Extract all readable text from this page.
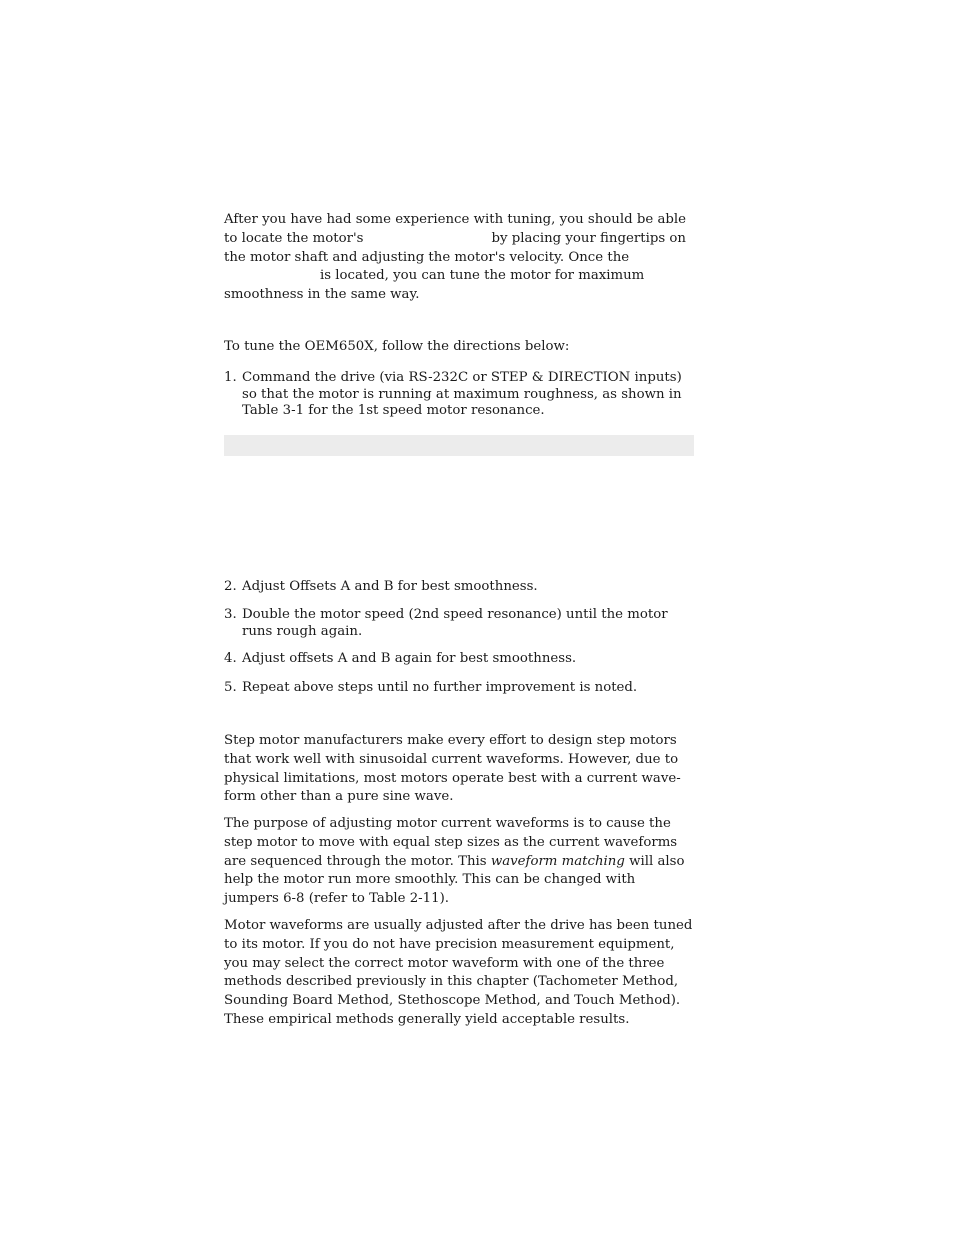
After you have had some experience with tuning, you should be able
to locate the motor's	by placing your fingertips on
the motor shaft and adjusting the motor's velocity. Once the
is located, you can tune the motor for maximum
smoothness in the same way.

To tune the OEM650X, follow the directions below:

1. Command the drive (via RS-232C or STEP & DIRECTION inputs)
so that the motor is running at maximum roughness, as shown in
Table 3-1 for the 1st speed motor resonance.

2. Adjust Offsets A and B for best smoothness.

3. Double the motor speed (2nd speed resonance) until the motor
runs rough again.

4. Adjust offsets A and B again for best smoothness.

5. Repeat above steps until no further improvement is noted.

Step motor manufacturers make every effort to design step motors
that work well with sinusoidal current waveforms. However, due to
physical limitations, most motors operate best with a current wave-
form other than a pure sine wave.

The purpose of adjusting motor current waveforms is to cause the
step motor to move with equal step sizes as the current waveforms
are sequenced through the motor. This waveform matching will also
help the motor run more smoothly. This can be changed with
jumpers 6-8 (refer to Table 2-11).

Motor waveforms are usually adjusted after the drive has been tuned
to its motor. If you do not have precision measurement equipment,
you may select the correct motor waveform with one of the three
methods described previously in this chapter (Tachometer Method,
Sounding Board Method, Stethoscope Method, and Touch Method).
These empirical methods generally yield acceptable results.
